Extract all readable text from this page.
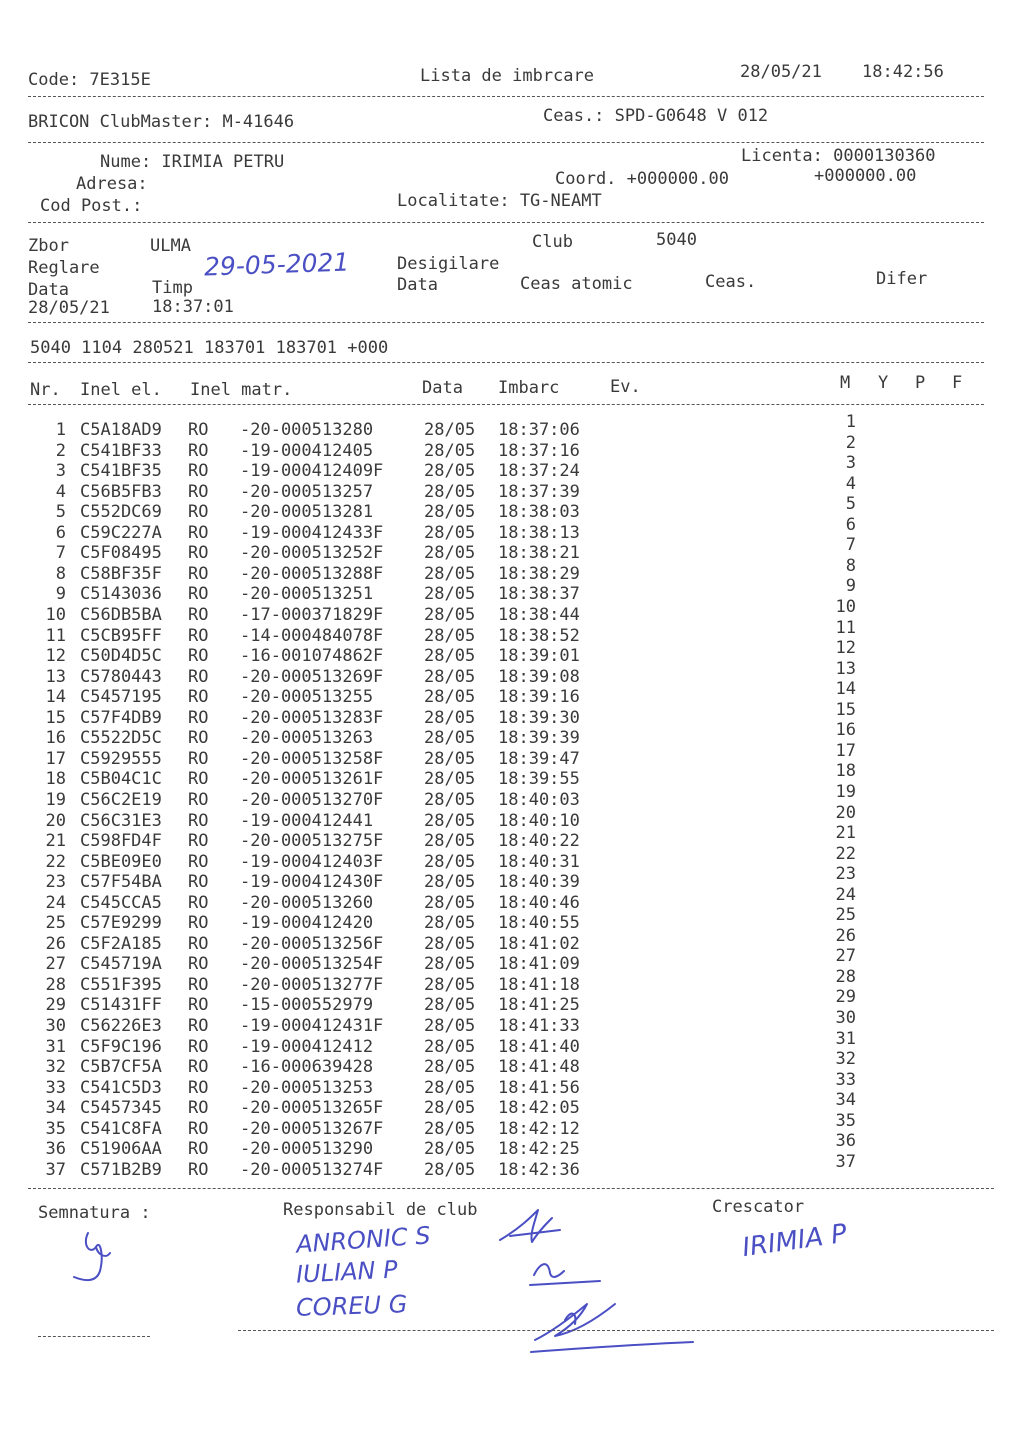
Code: 7E315E	Lista de imbrcare	28/05/21 18:42:56
BRICON ClubMaster: M-41646	Ceas.: SPD-G0648 V 012
Nume: IRIMIA PETRU	Licenta: 0000130360
Adresa:	Coord. +000000.00	+000000.00
Cod Post.:	Localitate: TG-NEAMT
Zbor	ULMA	Club	5040
Reglare	29-05-2021	Desigilare
Data	Timp	Data	Ceas atomic	Ceas.	Difer
28/05/21 18:37:01
5040 1104 280521 183701 183701 +000
Nr. Inel el. Inel matr.	Data Imbarc	Ev.	M Y P F
1 C5A18AD9 RO -20-000513280	28/05 18:37:06	1
2 C541BF33 RO -19-000412405	28/05 18:37:16	2
3 C541BF35 RO -19-000412409F 28/05 18:37:24	3
4 C56B5FB3 RO -20-000513257	28/05 18:37:39	4
5 C552DC69 RO -20-000513281	28/05 18:38:03	5
6 C59C227A RO -19-000412433F 28/05 18:38:13	6
7 C5F08495 RO -20-000513252F 28/05 18:38:21	7
8 C58BF35F RO -20-000513288F 28/05 18:38:29	8
9 C5143036 RO -20-000513251	28/05 18:38:37	9
10 C56DB5BA RO -17-000371829F 28/05 18:38:44	10
11 C5CB95FF RO -14-000484078F 28/05 18:38:52	11
12 C50D4D5C RO -16-001074862F 28/05 18:39:01	12
13 C5780443 RO -20-000513269F 28/05 18:39:08	13
14 C5457195 RO -20-000513255	28/05 18:39:16	14
15 C57F4DB9 RO -20-000513283F 28/05 18:39:30	15
16 C5522D5C RO -20-000513263	28/05 18:39:39	16
17 C5929555 RO -20-000513258F 28/05 18:39:47	17
18 C5B04C1C RO -20-000513261F 28/05 18:39:55	18
19 C56C2E19 RO -20-000513270F 28/05 18:40:03	19
20 C56C31E3 RO -19-000412441	28/05 18:40:10	20
21 C598FD4F RO -20-000513275F 28/05 18:40:22	21
22 C5BE09E0 RO -19-000412403F 28/05 18:40:31	22
23 C57F54BA RO -19-000412430F 28/05 18:40:39	23
24 C545CCA5 RO -20-000513260	28/05 18:40:46	24
25 C57E9299 RO -19-000412420	28/05 18:40:55	25
26 C5F2A185 RO -20-000513256F 28/05 18:41:02	26
27 C545719A RO -20-000513254F 28/05 18:41:09	27
28 C551F395 RO -20-000513277F 28/05 18:41:18	28
29 C51431FF RO -15-000552979	28/05 18:41:25	29
30 C56226E3 RO -19-000412431F 28/05 18:41:33	30
31 C5F9C196 RO -19-000412412	28/05 18:41:40	31
32 C5B7CF5A RO -16-000639428	28/05 18:41:48	32
33 C541C5D3 RO -20-000513253	28/05 18:41:56	33
34 C5457345 RO -20-000513265F 28/05 18:42:05	34
35 C541C8FA RO -20-000513267F 28/05 18:42:12	35
36 C51906AA RO -20-000513290	28/05 18:42:25	36
37 C571B2B9 RO -20-000513274F 28/05 18:42:36	37
Semnatura :	Responsabil de club	Crescator
ANRONIC S
IULIAN P
COREU G
IRIMIA P
